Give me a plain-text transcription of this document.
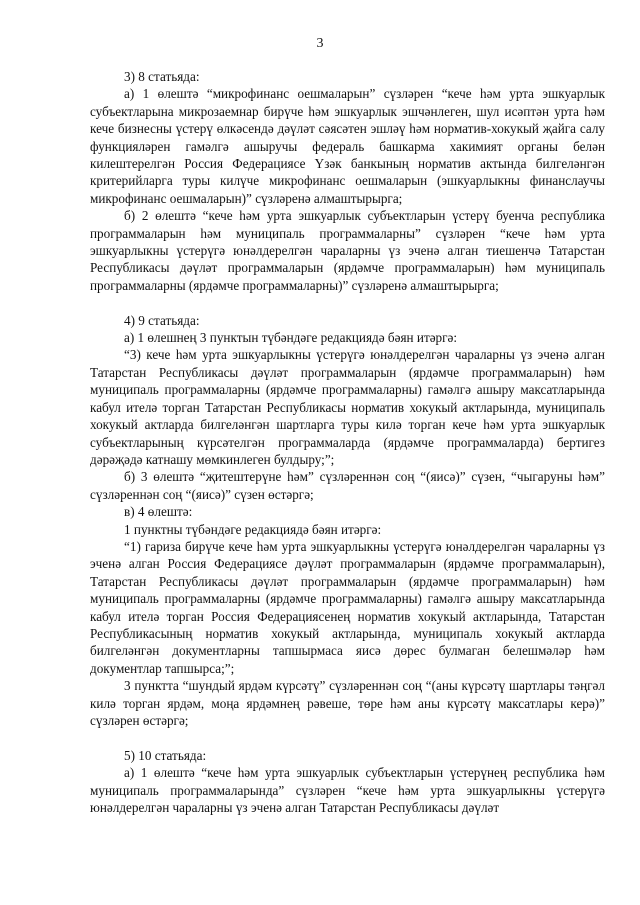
3

3) 8 статьяда:

а) 1 өлештә “микрофинанс оешмаларын” сүзләрен “кече һәм урта эшкуарлык субъектларына микрозаемнар бирүче һәм эшкуарлык эшчәнлеген, шул исәптән урта һәм кече бизнесны үстерү өлкәсендә дәүләт сәясәтен эшләү һәм норматив-хокукый җайга салу функцияләрен гамәлгә ашыручы федераль башкарма хакимият органы белән килештерелгән Россия Федерациясе Үзәк банкының норматив актында билгеләнгән критерийларга туры килүче микрофинанс оешмаларын (эшкуарлыкны финанслаучы микрофинанс оешмаларын)” сүзләренә алмаштырырга;

б) 2 өлештә “кече һәм урта эшкуарлык субъектларын үстерү буенча республика программаларын һәм муниципаль программаларны” сүзләрен “кече һәм урта эшкуарлыкны үстерүгә юнәлдерелгән чараларны үз эченә алган тиешенчә Татарстан Республикасы дәүләт программаларын (ярдәмче программаларын) һәм муниципаль программаларны (ярдәмче программаларны)” сүзләренә алмаштырырга;

4) 9 статьяда:

а) 1 өлешнең 3 пунктын түбәндәге редакциядә бәян итәргә:

“3) кече һәм урта эшкуарлыкны үстерүгә юнәлдерелгән чараларны үз эченә алган Татарстан Республикасы дәүләт программаларын (ярдәмче программаларын) һәм муниципаль программаларны (ярдәмче программаларны) гамәлгә ашыру максатларында кабул ителә торган Татарстан Республикасы норматив хокукый актларында, муниципаль хокукый актларда билгеләнгән шартларга туры килә торган кече һәм урта эшкуарлык субъектларының күрсәтелгән программаларда (ярдәмче программаларда) бертигез дәрәҗәдә катнашу мөмкинлеген булдыру;”;

б) 3 өлештә “җитештерүне һәм” сүзләреннән соң “(яисә)” сүзен, “чыгаруны һәм” сүзләреннән соң “(яисә)” сүзен өстәргә;

в) 4 өлештә:

1 пунктны түбәндәге редакциядә бәян итәргә:

“1) гариза бирүче кече һәм урта эшкуарлыкны үстерүгә юнәлдерелгән чараларны үз эченә алган Россия Федерациясе дәүләт программаларын (ярдәмче программаларын), Татарстан Республикасы дәүләт программаларын (ярдәмче программаларын) һәм муниципаль программаларны (ярдәмче программаларны) гамәлгә ашыру максатларында кабул ителә торган Россия Федерациясенең норматив хокукый актларында, Татарстан Республикасының норматив хокукый актларында, муниципаль хокукый актларда билгеләнгән документларны тапшырмаса яисә дөрес булмаган белешмәләр һәм документлар тапшырса;”;

3 пунктта “шундый ярдәм күрсәтү” сүзләреннән соң “(аны күрсәтү шартлары тәңгәл килә торган ярдәм, моңа ярдәмнең рәвеше, төре һәм аны күрсәтү максатлары керә)” сүзләрен өстәргә;

5) 10 статьяда:

а) 1 өлештә “кече һәм урта эшкуарлык субъектларын үстерүнең республика һәм муниципаль программаларында” сүзләрен “кече һәм урта эшкуарлыкны үстерүгә юнәлдерелгән чараларны үз эченә алган Татарстан Республикасы дәүләт
